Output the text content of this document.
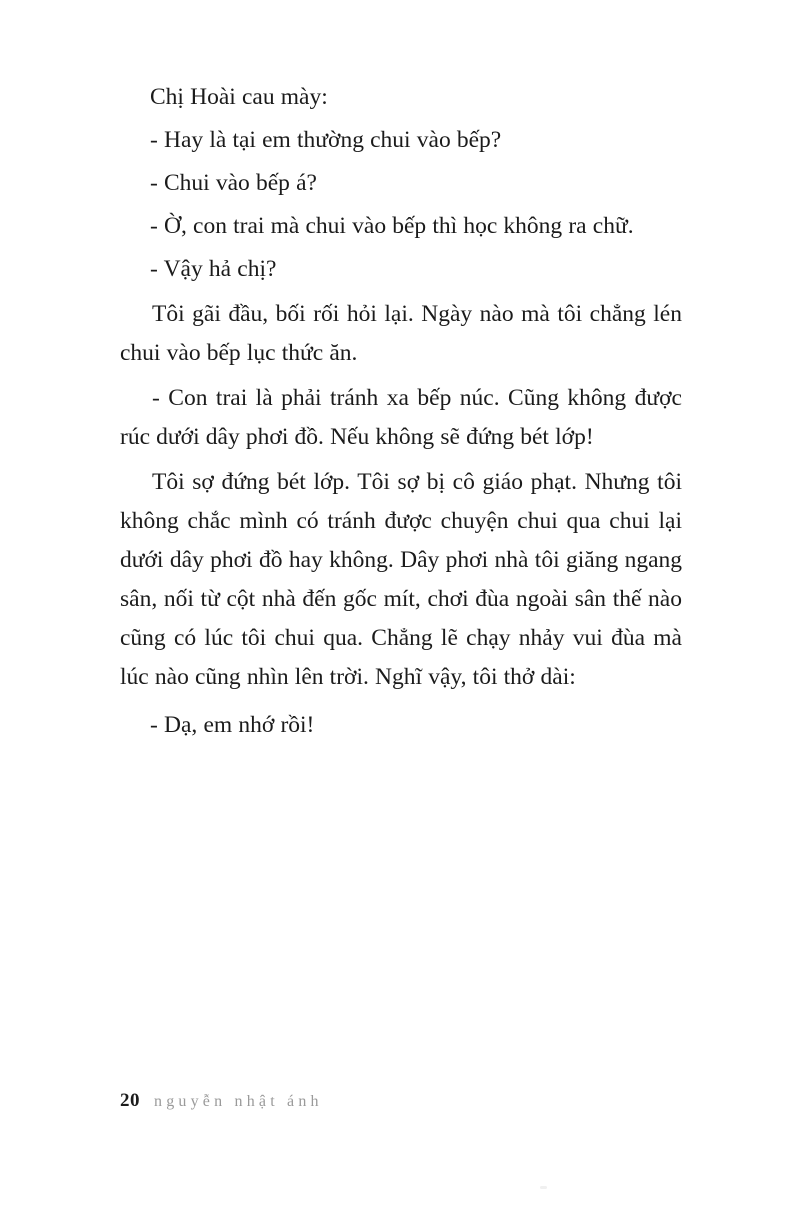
Chị Hoài cau mày:

- Hay là tại em thường chui vào bếp?

- Chui vào bếp á?

- Ờ, con trai mà chui vào bếp thì học không ra chữ.

- Vậy hả chị?

Tôi gãi đầu, bối rối hỏi lại. Ngày nào mà tôi chẳng lén chui vào bếp lục thức ăn.

- Con trai là phải tránh xa bếp núc. Cũng không được rúc dưới dây phơi đồ. Nếu không sẽ đứng bét lớp!

Tôi sợ đứng bét lớp. Tôi sợ bị cô giáo phạt. Nhưng tôi không chắc mình có tránh được chuyện chui qua chui lại dưới dây phơi đồ hay không. Dây phơi nhà tôi giăng ngang sân, nối từ cột nhà đến gốc mít, chơi đùa ngoài sân thế nào cũng có lúc tôi chui qua. Chẳng lẽ chạy nhảy vui đùa mà lúc nào cũng nhìn lên trời. Nghĩ vậy, tôi thở dài:

- Dạ, em nhớ rồi!

20 nguyễn nhật ánh
